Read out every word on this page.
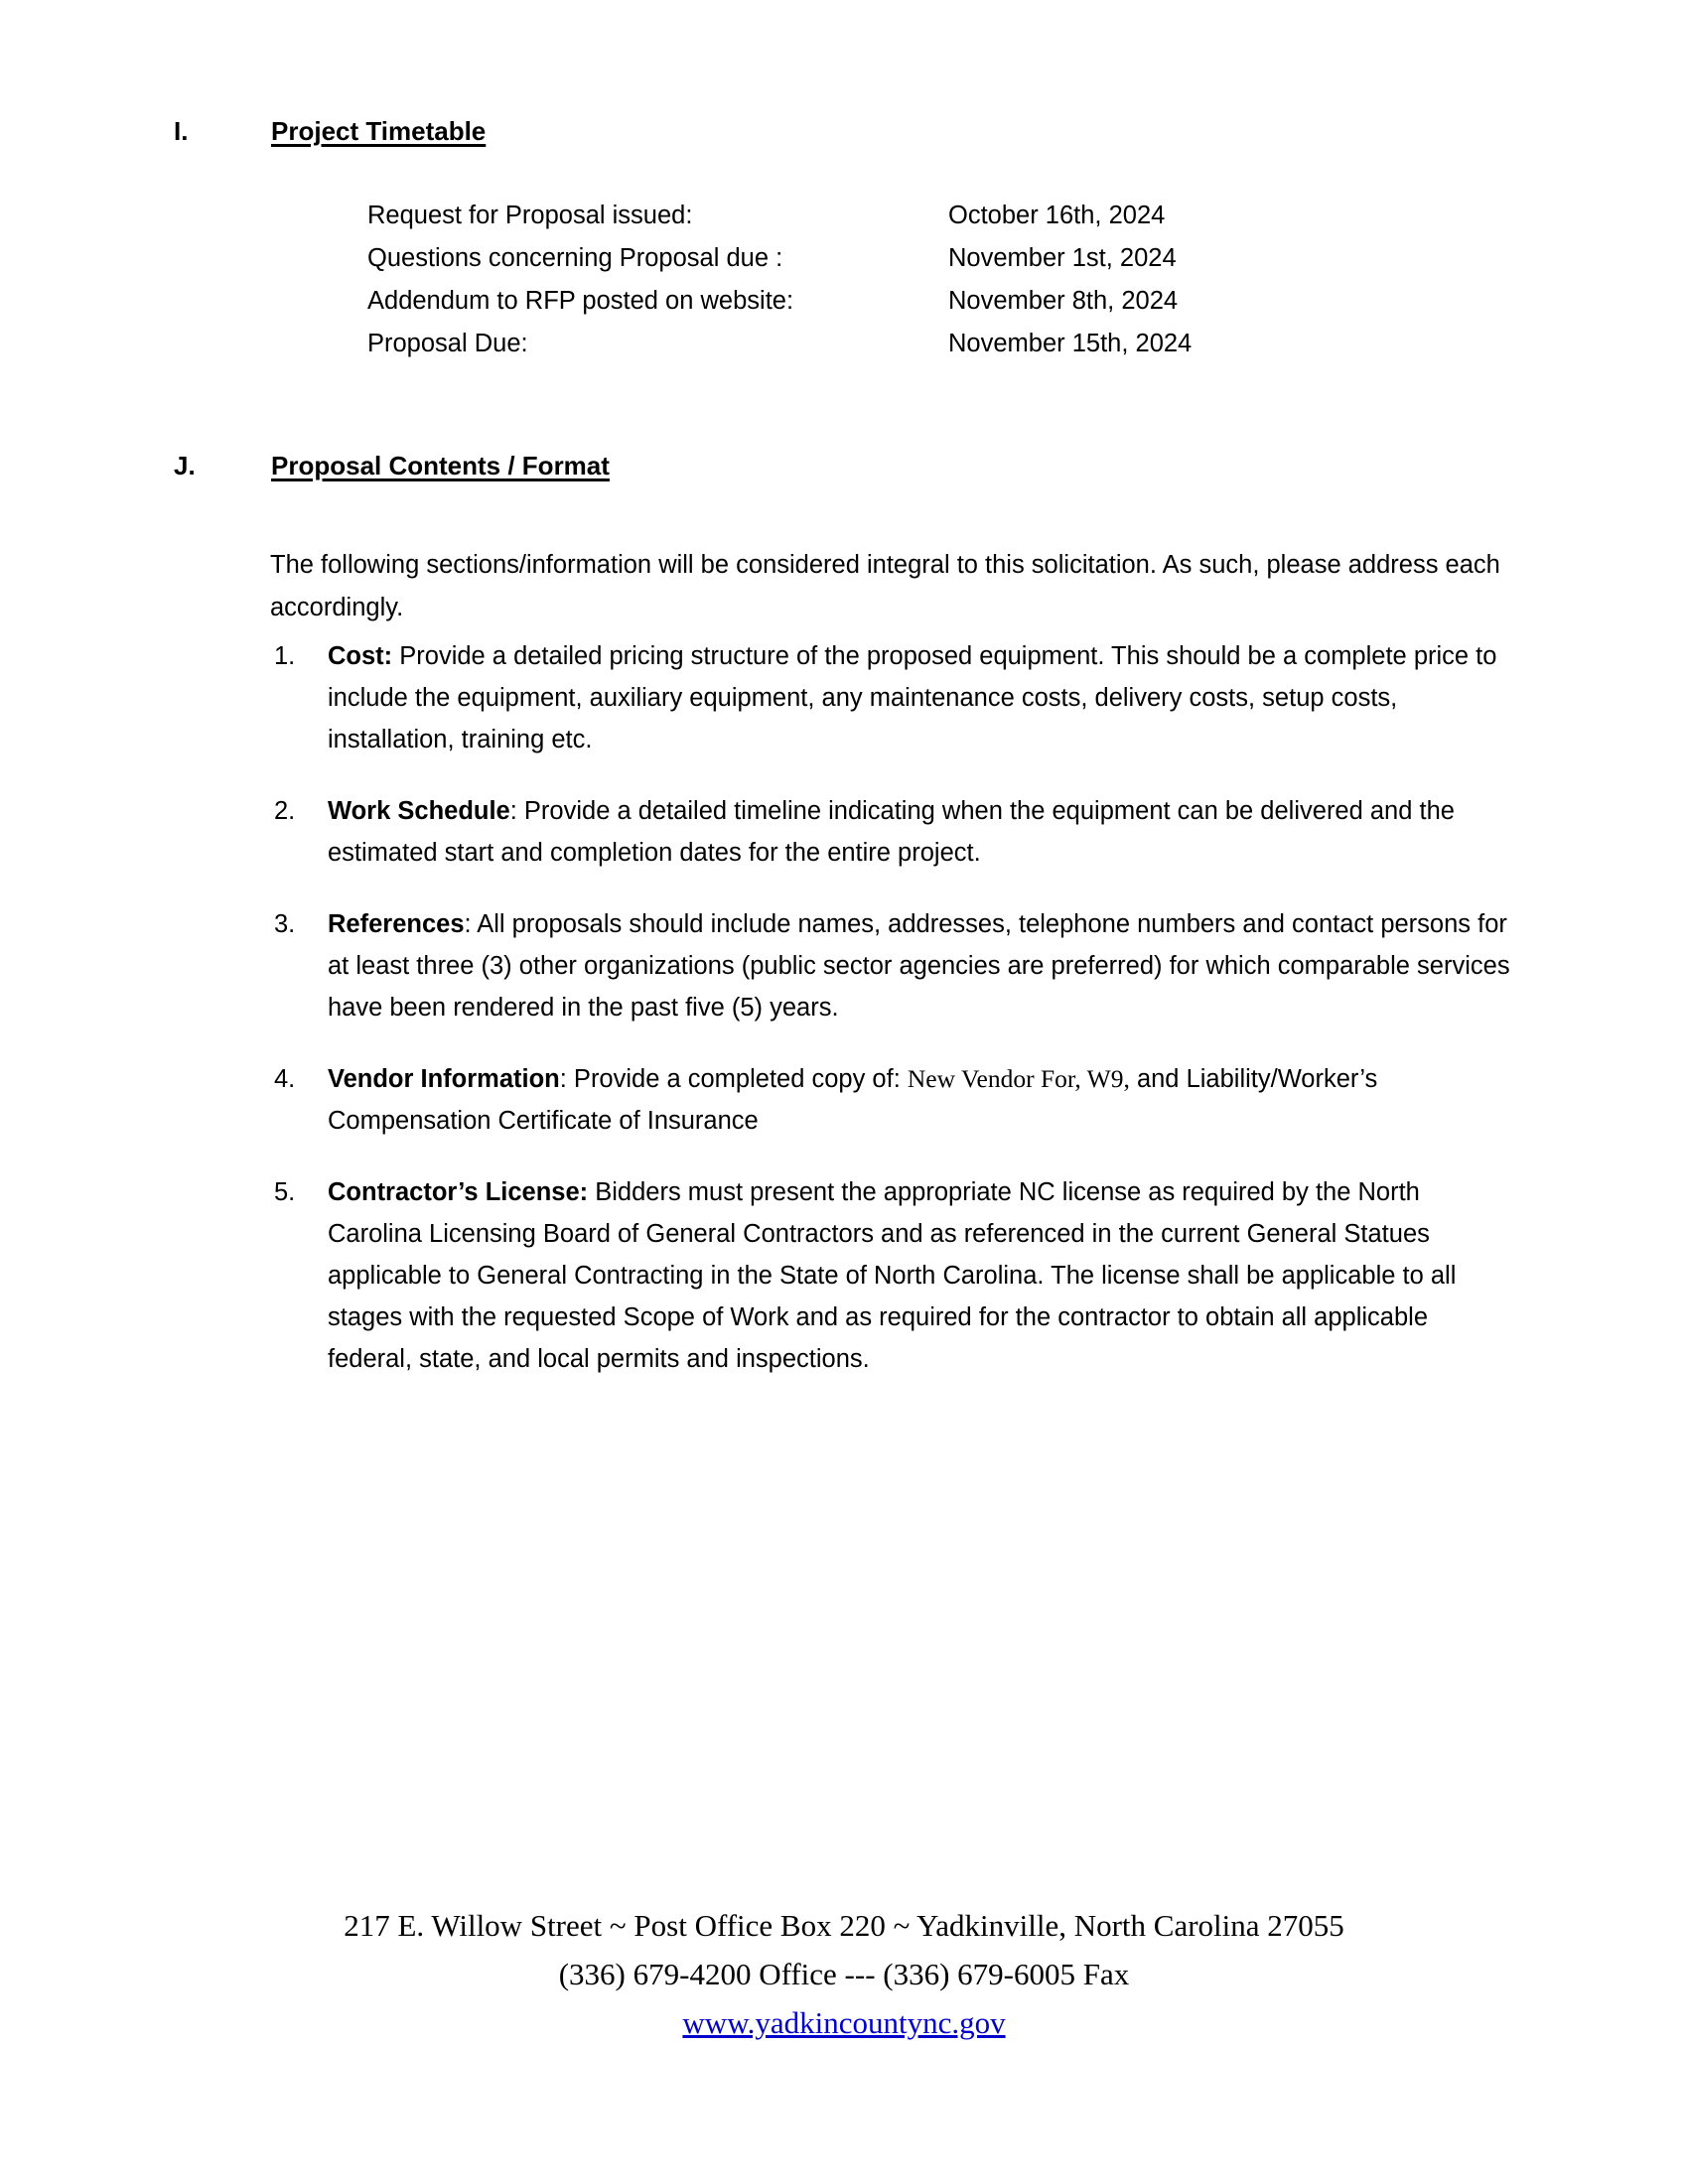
I.	Project Timetable
Request for Proposal issued:	October 16th, 2024
Questions concerning Proposal due :	November 1st, 2024
Addendum to RFP posted on website:	November 8th, 2024
Proposal Due:	November 15th, 2024
J.	Proposal Contents / Format

The following sections/information will be considered integral to this solicitation. As such, please address each accordingly.

1. Cost: Provide a detailed pricing structure of the proposed equipment. This should be a complete price to include the equipment, auxiliary equipment, any maintenance costs, delivery costs, setup costs, installation, training etc.
2. Work Schedule: Provide a detailed timeline indicating when the equipment can be delivered and the estimated start and completion dates for the entire project.
3. References: All proposals should include names, addresses, telephone numbers and contact persons for at least three (3) other organizations (public sector agencies are preferred) for which comparable services have been rendered in the past five (5) years.
4. Vendor Information: Provide a completed copy of: New Vendor For, W9, and Liability/Worker’s Compensation Certificate of Insurance
5. Contractor’s License: Bidders must present the appropriate NC license as required by the North Carolina Licensing Board of General Contractors and as referenced in the current General Statues applicable to General Contracting in the State of North Carolina. The license shall be applicable to all stages with the requested Scope of Work and as required for the contractor to obtain all applicable federal, state, and local permits and inspections.
217 E. Willow Street ~ Post Office Box 220 ~ Yadkinville, North Carolina 27055
(336) 679-4200 Office --- (336) 679-6005 Fax
www.yadkincountync.gov
